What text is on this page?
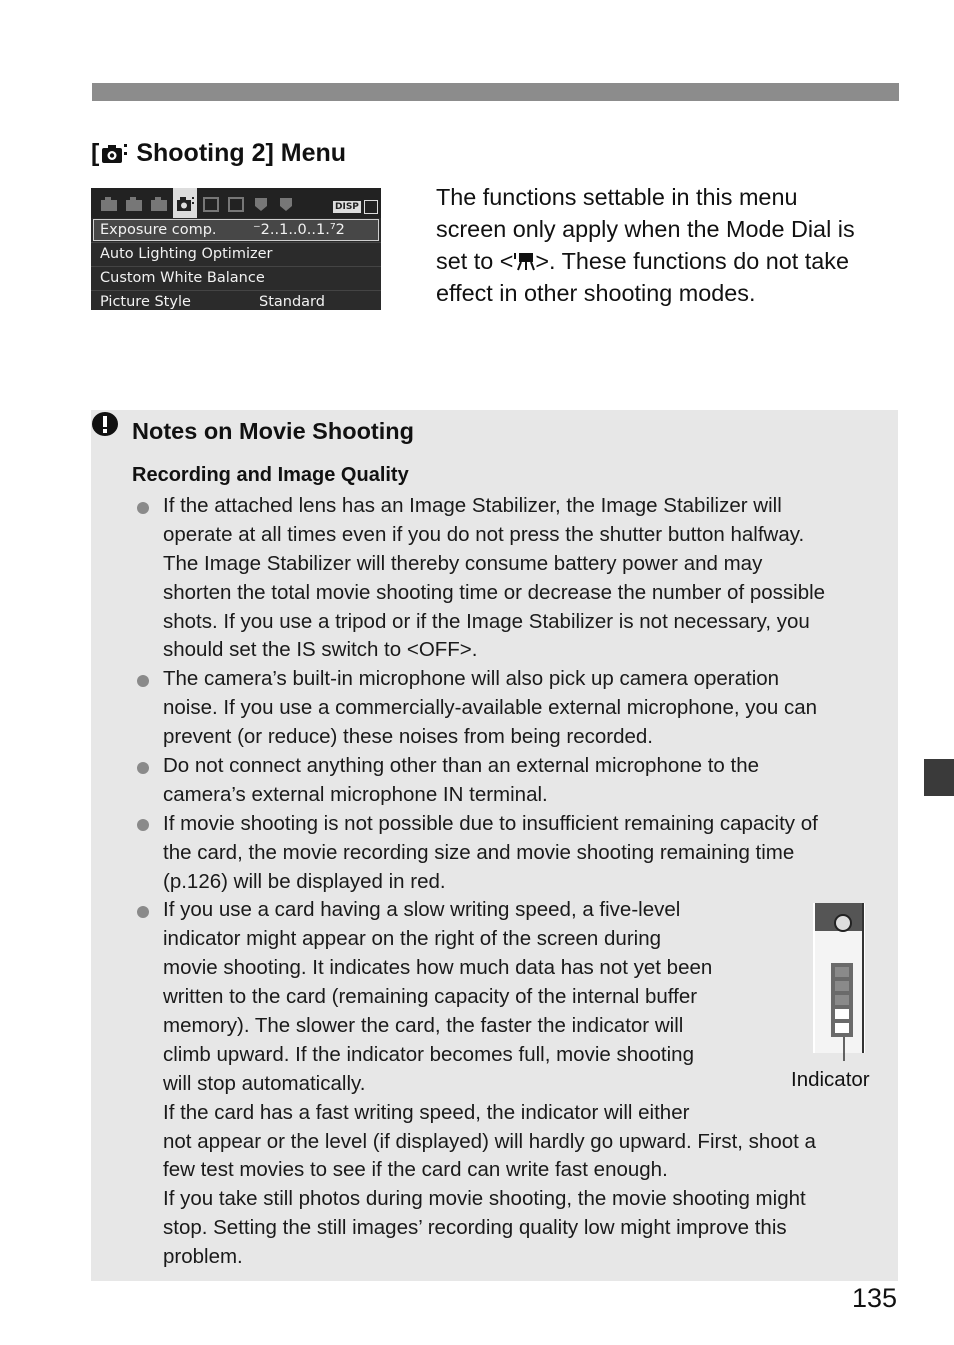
[ Shooting 2] Menu
DISP
Exposure comp.	⁻2..1..0..1.⁷2
Auto Lighting Optimizer
Custom White Balance
Picture Style	Standard
The functions settable in this menu
screen only apply when the Mode Dial is
set to < >. These functions do not take
effect in other shooting modes.
Notes on Movie Shooting
Recording and Image Quality
If the attached lens has an Image Stabilizer, the Image Stabilizer will
operate at all times even if you do not press the shutter button halfway.
The Image Stabilizer will thereby consume battery power and may
shorten the total movie shooting time or decrease the number of possible
shots. If you use a tripod or if the Image Stabilizer is not necessary, you
should set the IS switch to <OFF>.
The camera’s built-in microphone will also pick up camera operation
noise. If you use a commercially-available external microphone, you can
prevent (or reduce) these noises from being recorded.
Do not connect anything other than an external microphone to the
camera’s external microphone IN terminal.
If movie shooting is not possible due to insufficient remaining capacity of
the card, the movie recording size and movie shooting remaining time
(p.126) will be displayed in red.
If you use a card having a slow writing speed, a five-level
indicator might appear on the right of the screen during
movie shooting. It indicates how much data has not yet been
written to the card (remaining capacity of the internal buffer
memory). The slower the card, the faster the indicator will
climb upward. If the indicator becomes full, movie shooting
will stop automatically.
If the card has a fast writing speed, the indicator will either
not appear or the level (if displayed) will hardly go upward. First, shoot a
few test movies to see if the card can write fast enough.
If you take still photos during movie shooting, the movie shooting might
stop. Setting the still images’ recording quality low might improve this
problem.
Indicator
135
